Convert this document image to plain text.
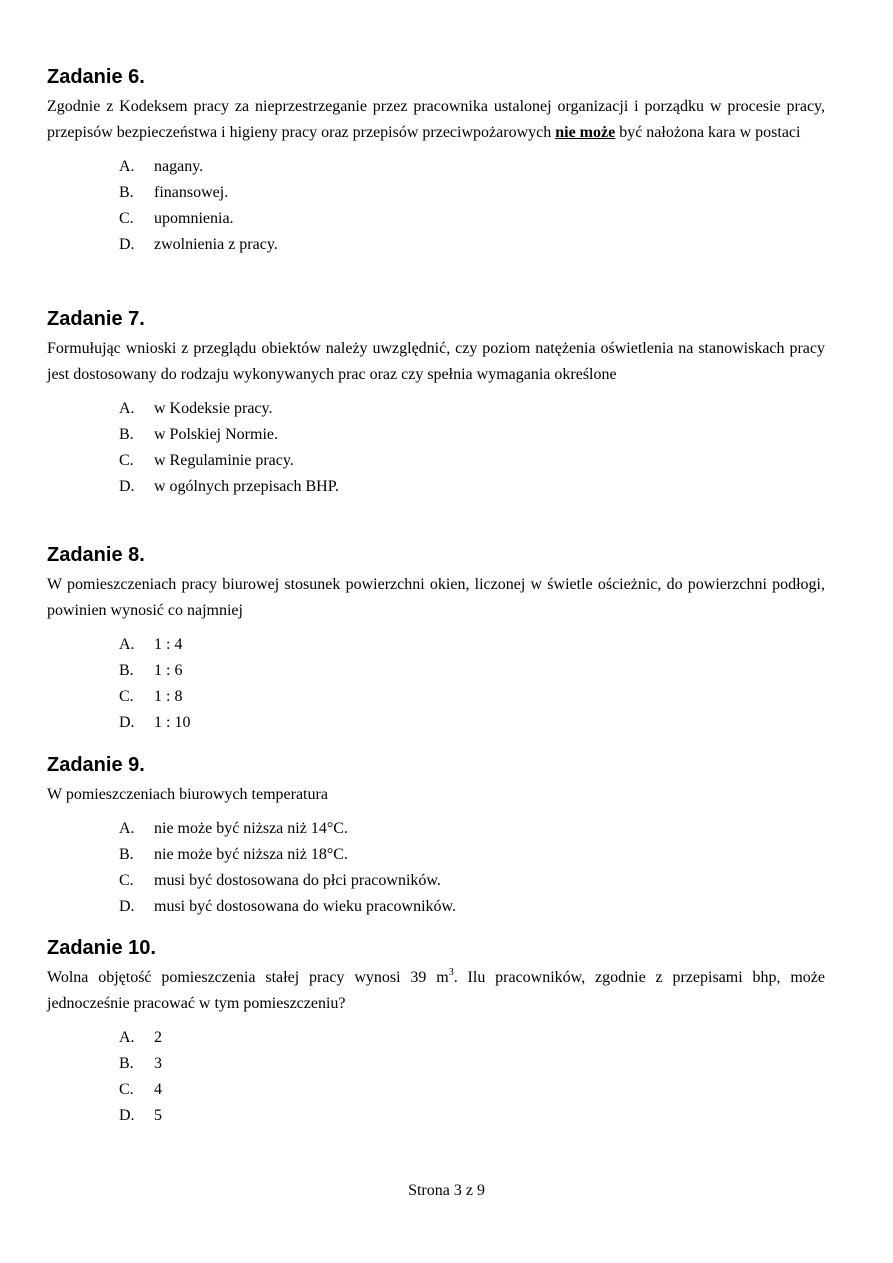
Zadanie 6.

Zgodnie z Kodeksem pracy za nieprzestrzeganie przez pracownika ustalonej organizacji i porządku w procesie pracy, przepisów bezpieczeństwa i higieny pracy oraz przepisów przeciwpożarowych nie może być nałożona kara w postaci

A.	nagany.
B.	finansowej.
C.	upomnienia.
D.	zwolnienia z pracy.
Zadanie 7.

Formułując wnioski z przeglądu obiektów należy uwzględnić, czy poziom natężenia oświetlenia na stanowiskach pracy jest dostosowany do rodzaju wykonywanych prac oraz czy spełnia wymagania określone

A.	w Kodeksie pracy.
B.	w Polskiej Normie.
C.	w Regulaminie pracy.
D.	w ogólnych przepisach BHP.
Zadanie 8.

W pomieszczeniach pracy biurowej stosunek powierzchni okien, liczonej w świetle ościeżnic, do powierzchni podłogi, powinien wynosić co najmniej

A.	1 : 4
B.	1 : 6
C.	1 : 8
D.	1 : 10
Zadanie 9.

W pomieszczeniach biurowych temperatura

A.	nie może być niższa niż 14°C.
B.	nie może być niższa niż 18°C.
C.	musi być dostosowana do płci pracowników.
D.	musi być dostosowana do wieku pracowników.
Zadanie 10.

Wolna objętość pomieszczenia stałej pracy wynosi 39 $m^3$. Ilu pracowników, zgodnie z przepisami bhp, może jednocześnie pracować w tym pomieszczeniu?

A.	2
B.	3
C.	4
D.	5
Strona 3 z 9
